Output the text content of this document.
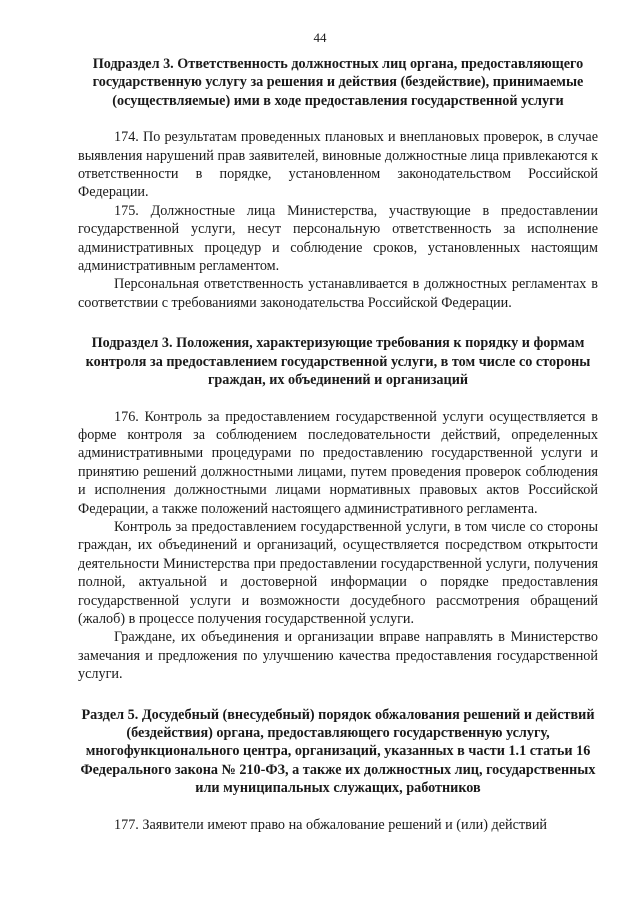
44

Подраздел 3. Ответственность должностных лиц органа, предоставляющего государственную услугу за решения и действия (бездействие), принимаемые (осуществляемые) ими в ходе предоставления государственной услуги

174. По результатам проведенных плановых и внеплановых проверок, в случае выявления нарушений прав заявителей, виновные должностные лица привлекаются к ответственности в порядке, установленном законодательством Российской Федерации.

175. Должностные лица Министерства, участвующие в предоставлении государственной услуги, несут персональную ответственность за исполнение административных процедур и соблюдение сроков, установленных настоящим административным регламентом.

Персональная ответственность устанавливается в должностных регламентах в соответствии с требованиями законодательства Российской Федерации.

Подраздел 3. Положения, характеризующие требования к порядку и формам контроля за предоставлением государственной услуги, в том числе со стороны граждан, их объединений и организаций

176. Контроль за предоставлением государственной услуги осуществляется в форме контроля за соблюдением последовательности действий, определенных административными процедурами по предоставлению государственной услуги и принятию решений должностными лицами, путем проведения проверок соблюдения и исполнения должностными лицами нормативных правовых актов Российской Федерации, а также положений настоящего административного регламента.

Контроль за предоставлением государственной услуги, в том числе со стороны граждан, их объединений и организаций, осуществляется посредством открытости деятельности Министерства при предоставлении государственной услуги, получения полной, актуальной и достоверной информации о порядке предоставления государственной услуги и возможности досудебного рассмотрения обращений (жалоб) в процессе получения государственной услуги.

Граждане, их объединения и организации вправе направлять в Министерство замечания и предложения по улучшению качества предоставления государственной услуги.

Раздел 5. Досудебный (внесудебный) порядок обжалования решений и действий (бездействия) органа, предоставляющего государственную услугу, многофункционального центра, организаций, указанных в части 1.1 статьи 16 Федерального закона № 210-ФЗ, а также их должностных лиц, государственных или муниципальных служащих, работников

177. Заявители имеют право на обжалование решений и (или) действий
